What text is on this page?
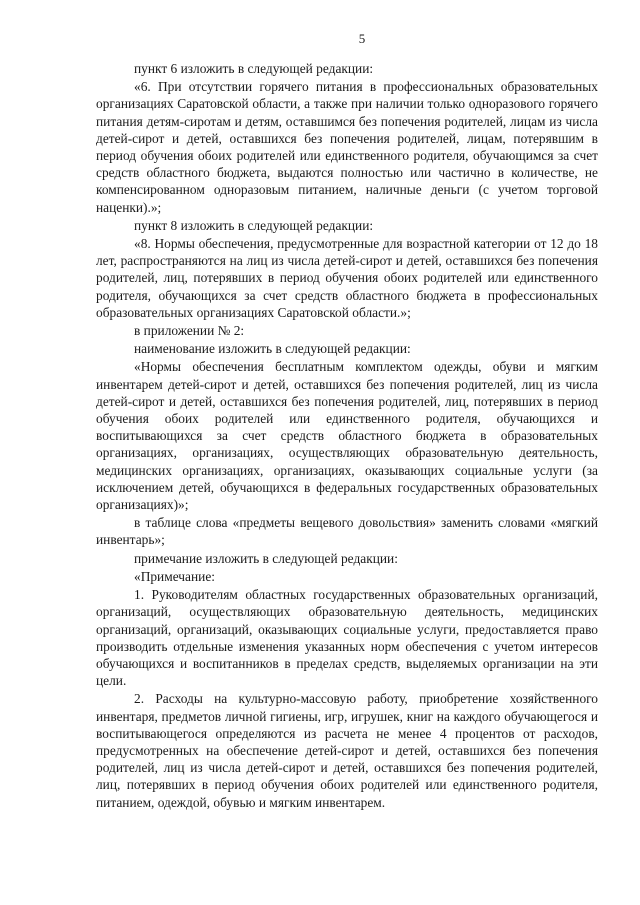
5

пункт 6 изложить в следующей редакции:

«6. При отсутствии горячего питания в профессиональных образовательных организациях Саратовской области, а также при наличии только одноразового горячего питания детям-сиротам и детям, оставшимся без попечения родителей, лицам из числа детей-сирот и детей, оставшихся без попечения родителей, лицам, потерявшим в период обучения обоих родителей или единственного родителя, обучающимся за счет средств областного бюджета, выдаются полностью или частично в количестве, не компенсированном одноразовым питанием, наличные деньги (с учетом торговой наценки).»;

пункт 8 изложить в следующей редакции:

«8. Нормы обеспечения, предусмотренные для возрастной категории от 12 до 18 лет, распространяются на лиц из числа детей-сирот и детей, оставшихся без попечения родителей, лиц, потерявших в период обучения обоих родителей или единственного родителя, обучающихся за счет средств областного бюджета в профессиональных образовательных организациях Саратовской области.»;

в приложении № 2:

наименование изложить в следующей редакции:

«Нормы обеспечения бесплатным комплектом одежды, обуви и мягким инвентарем детей-сирот и детей, оставшихся без попечения родителей, лиц из числа детей-сирот и детей, оставшихся без попечения родителей, лиц, потерявших в период обучения обоих родителей или единственного родителя, обучающихся и воспитывающихся за счет средств областного бюджета в образовательных организациях, организациях, осуществляющих образовательную деятельность, медицинских организациях, организациях, оказывающих социальные услуги (за исключением детей, обучающихся в федеральных государственных образовательных организациях)»;

в таблице слова «предметы вещевого довольствия» заменить словами «мягкий инвентарь»;

примечание изложить в следующей редакции:

«Примечание:

1. Руководителям областных государственных образовательных организаций, организаций, осуществляющих образовательную деятельность, медицинских организаций, организаций, оказывающих социальные услуги, предоставляется право производить отдельные изменения указанных норм обеспечения с учетом интересов обучающихся и воспитанников в пределах средств, выделяемых организации на эти цели.

2. Расходы на культурно-массовую работу, приобретение хозяйственного инвентаря, предметов личной гигиены, игр, игрушек, книг на каждого обучающегося и воспитывающегося определяются из расчета не менее 4 процентов от расходов, предусмотренных на обеспечение детей-сирот и детей, оставшихся без попечения родителей, лиц из числа детей-сирот и детей, оставшихся без попечения родителей, лиц, потерявших в период обучения обоих родителей или единственного родителя, питанием, одеждой, обувью и мягким инвентарем.
